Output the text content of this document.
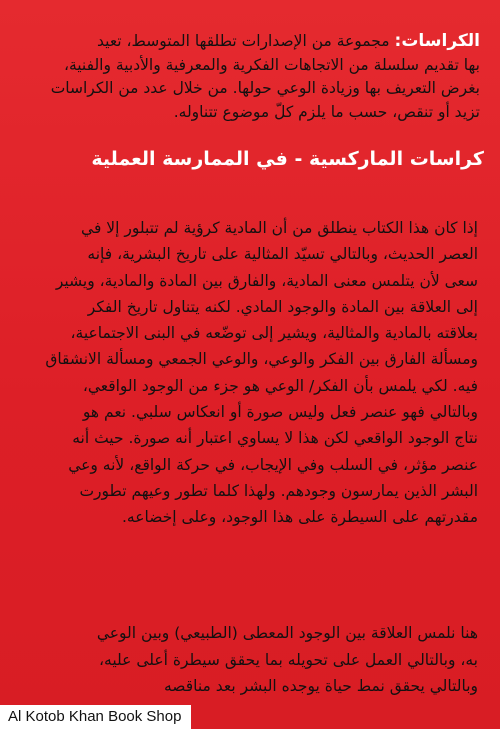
الكراسات: مجموعة من الإصدارات تطلقها المتوسط، تعيد
بها تقديم سلسلة من الاتجاهات الفكرية والمعرفية والأدبية والفنية،
بغرض التعريف بها وزيادة الوعي حولها. من خلال عدد من الكراسات
تزيد أو تنقص، حسب ما يلزم كلّ موضوع تتناوله.
كراسات الماركسية - في الممارسة العملية
إذا كان هذا الكتاب ينطلق من أن المادية كرؤية لم تتبلور إلا في
العصر الحديث، وبالتالي تسيّد المثالية على تاريخ البشرية، فإنه
سعى لأن يتلمس معنى المادية، والفارق بين المادة والمادية، ويشير
إلى العلاقة بين المادة والوجود المادي. لكنه يتناول تاريخ الفكر
بعلاقته بالمادية والمثالية، ويشير إلى توضّعه في البنى الاجتماعية،
ومسألة الفارق بين الفكر والوعي، والوعي الجمعي ومسألة الانشقاق
فيه. لكي يلمس بأن الفكر/ الوعي هو جزء من الوجود الواقعي،
وبالتالي فهو عنصر فعل وليس صورة أو انعكاس سلبي. نعم هو
نتاج الوجود الواقعي لكن هذا لا يساوي اعتبار أنه صورة. حيث أنه
عنصر مؤثر، في السلب وفي الإيجاب، في حركة الواقع، لأنه وعي
البشر الذين يمارسون وجودهم. ولهذا كلما تطور وعيهم تطورت
مقدرتهم على السيطرة على هذا الوجود، وعلى إخضاعه.
هنا نلمس العلاقة بين الوجود المعطى (الطبيعي) وبين الوعي
به، وبالتالي العمل على تحويله بما يحقق سيطرة أعلى عليه،
وبالتالي يحقق نمط حياة يوجده البشر بعد مناقصه
Al Kotob Khan Book Shop
